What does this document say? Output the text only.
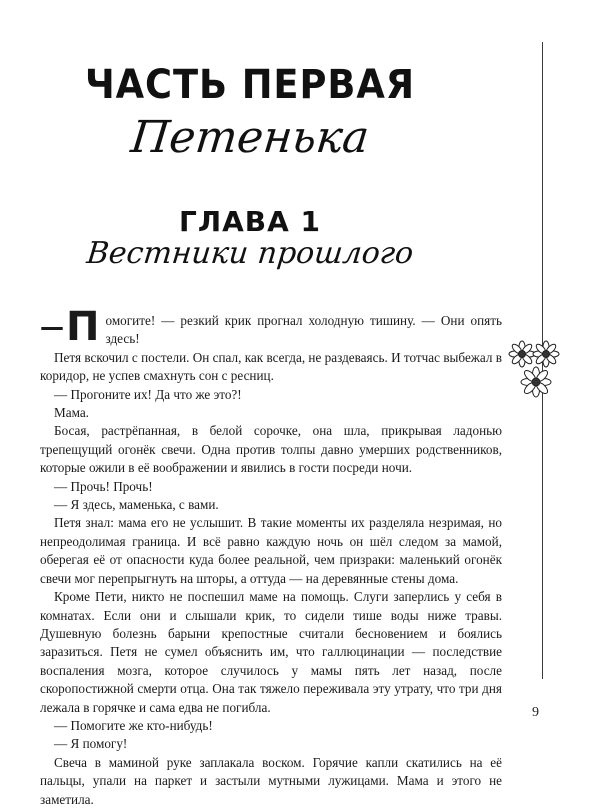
ЧАСТЬ ПЕРВАЯ
Петенька
ГЛАВА 1
Вестники прошлого

— П омогите! — резкий крик прогнал холодную тишину. — Они опять здесь!

Петя вскочил с постели. Он спал, как всегда, не раздеваясь. И тотчас выбежал в коридор, не успев смахнуть сон с ресниц.

— Прогоните их! Да что же это?!

Мама.

Босая, растрёпанная, в белой сорочке, она шла, прикрывая ладонью трепещущий огонёк свечи. Одна против толпы давно умерших родственников, которые ожили в её воображении и явились в гости посреди ночи.

— Прочь! Прочь!

— Я здесь, маменька, с вами.

Петя знал: мама его не услышит. В такие моменты их разделяла незримая, но непреодолимая граница. И всё равно каждую ночь он шёл следом за мамой, оберегая её от опасности куда более реальной, чем призраки: маленький огонёк свечи мог перепрыгнуть на шторы, а оттуда — на деревянные стены дома.

Кроме Пети, никто не поспешил маме на помощь. Слуги заперлись у себя в комнатах. Если они и слышали крик, то сидели тише воды ниже травы. Душевную болезнь барыни крепостные считали бесновением и боялись заразиться. Петя не сумел объяснить им, что галлюцинации — последствие воспаления мозга, которое случилось у мамы пять лет назад, после скоропостижной смерти отца. Она так тяжело переживала эту утрату, что три дня лежала в горячке и сама едва не погибла.

— Помогите же кто-нибудь!

— Я помогу!

Свеча в маминой руке заплакала воском. Горячие капли скатились на её пальцы, упали на паркет и застыли мутными лужицами. Мама и этого не заметила.

9
